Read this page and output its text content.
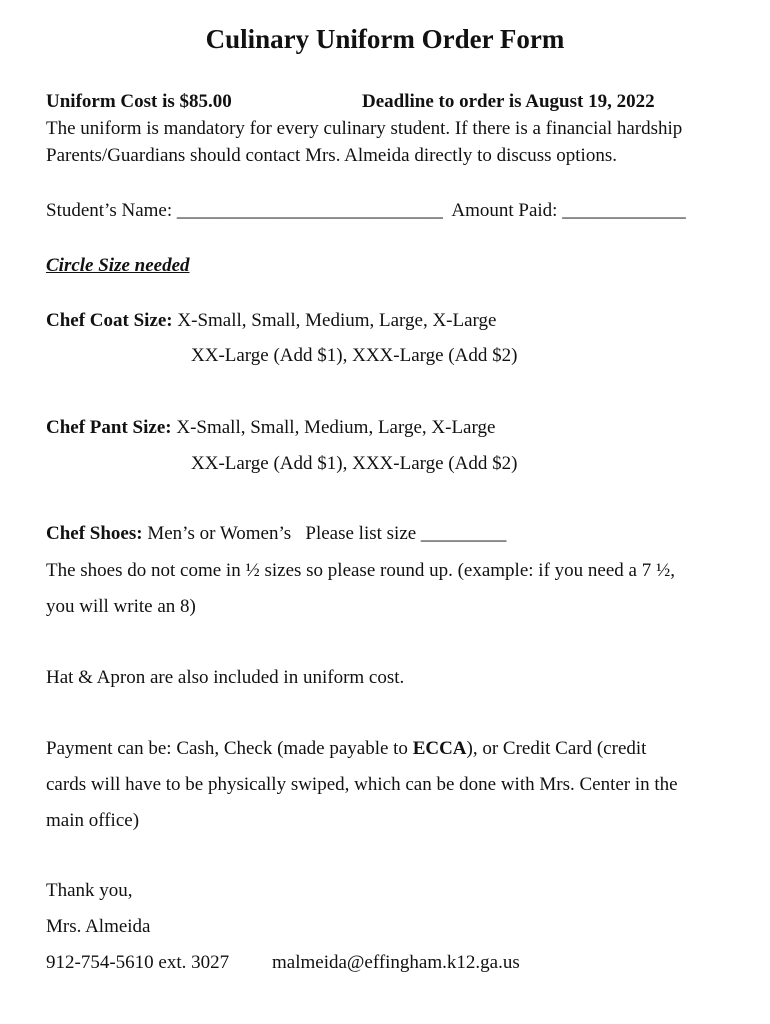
Culinary Uniform Order Form
Uniform Cost is $85.00	Deadline to order is August 19, 2022
The uniform is mandatory for every culinary student. If there is a financial hardship
Parents/Guardians should contact Mrs. Almeida directly to discuss options.
Student’s Name: ____________________________  Amount Paid: _____________
Circle Size needed
Chef Coat Size: X-Small, Small, Medium, Large, X-Large
XX-Large (Add $1), XXX-Large (Add $2)
Chef Pant Size: X-Small, Small, Medium, Large, X-Large
XX-Large (Add $1), XXX-Large (Add $2)
Chef Shoes: Men’s or Women’s   Please list size _________
The shoes do not come in ½ sizes so please round up. (example: if you need a 7 ½,
you will write an 8)
Hat & Apron are also included in uniform cost.
Payment can be: Cash, Check (made payable to ECCA), or Credit Card (credit
cards will have to be physically swiped, which can be done with Mrs. Center in the
main office)
Thank you,
Mrs. Almeida
912-754-5610 ext. 3027 malmeida@effingham.k12.ga.us
